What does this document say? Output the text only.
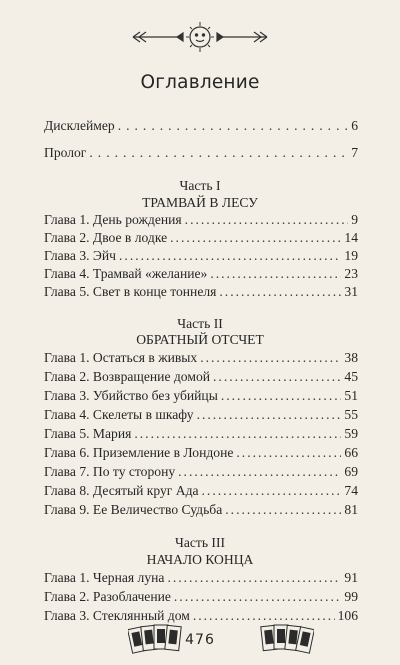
Оглавление
Дисклеймер .....	6
Пролог .....	7
Часть I
ТРАМВАЙ В ЛЕСУ
Глава 1. День рождения .....	9
Глава 2. Двое в лодке .....	14
Глава 3. Эйч .....	19
Глава 4. Трамвай «желание» .....	23
Глава 5. Свет в конце тоннеля .....	31
Часть II
ОБРАТНЫЙ ОТСЧЕТ
Глава 1. Остаться в живых .....	38
Глава 2. Возвращение домой .....	45
Глава 3. Убийство без убийцы .....	51
Глава 4. Скелеты в шкафу .....	55
Глава 5. Мария .....	59
Глава 6. Приземление в Лондоне .....	66
Глава 7. По ту сторону .....	69
Глава 8. Десятый круг Ада .....	74
Глава 9. Ее Величество Судьба .....	81
Часть III
НАЧАЛО КОНЦА
Глава 1. Черная луна .....	91
Глава 2. Разоблачение .....	99
Глава 3. Стеклянный дом .....	106
476
